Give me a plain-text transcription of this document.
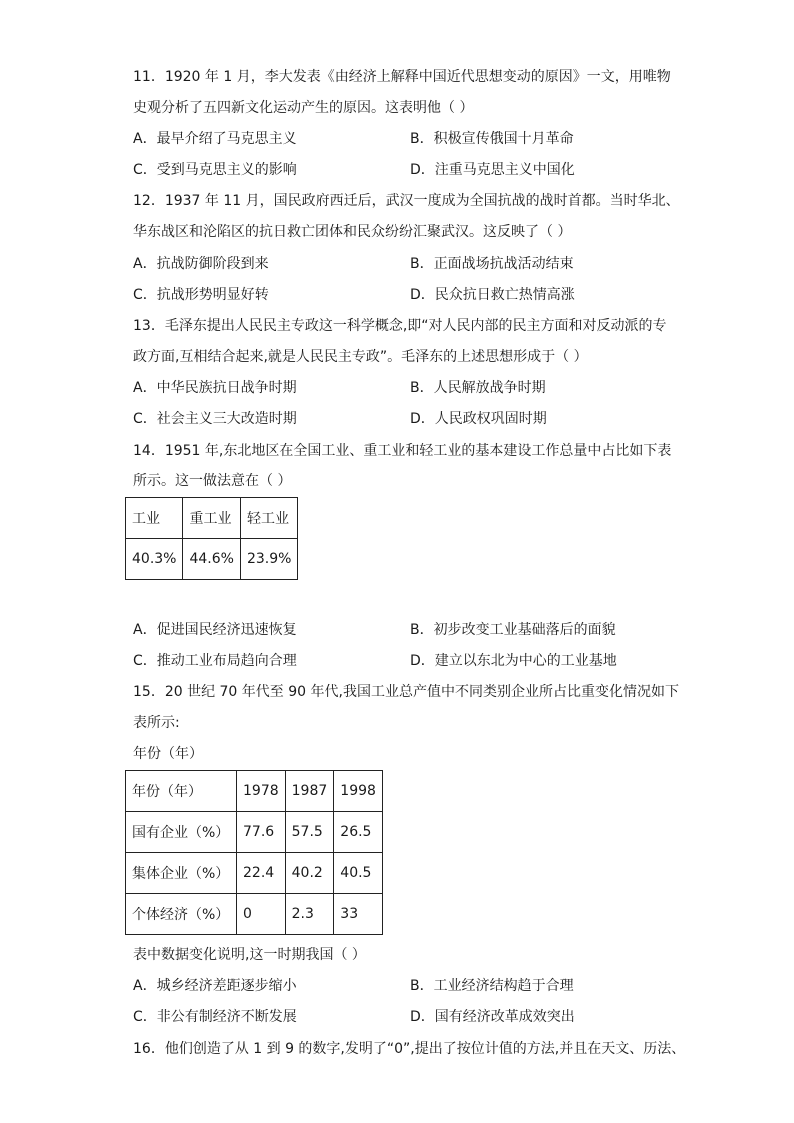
11．1920 年 1 月，李大发表《由经济上解释中国近代思想变动的原因》一文，用唯物
史观分析了五四新文化运动产生的原因。这表明他（ ）
A．最早介绍了马克思主义	B．积极宣传俄国十月革命
C．受到马克思主义的影响	D．注重马克思主义中国化
12．1937 年 11 月，国民政府西迁后，武汉一度成为全国抗战的战时首都。当时华北、
华东战区和沦陷区的抗日救亡团体和民众纷纷汇聚武汉。这反映了（ ）
A．抗战防御阶段到来	B．正面战场抗战活动结束
C．抗战形势明显好转	D．民众抗日救亡热情高涨
13．毛泽东提出人民民主专政这一科学概念,即“对人民内部的民主方面和对反动派的专
政方面,互相结合起来,就是人民民主专政”。毛泽东的上述思想形成于（ ）
A．中华民族抗日战争时期	B．人民解放战争时期
C．社会主义三大改造时期	D．人民政权巩固时期
14．1951 年,东北地区在全国工业、重工业和轻工业的基本建设工作总量中占比如下表
所示。这一做法意在（ ）
工业	重工业	轻工业
40.3%	44.6%	23.9%
A．促进国民经济迅速恢复	B．初步改变工业基础落后的面貌
C．推动工业布局趋向合理	D．建立以东北为中心的工业基地
15．20 世纪 70 年代至 90 年代,我国工业总产值中不同类别企业所占比重变化情况如下
表所示:
年份（年）
年份（年）	1978	1987	1998
国有企业（%）	77.6	57.5	26.5
集体企业（%）	22.4	40.2	40.5
个体经济（%）	0	2.3	33
表中数据变化说明,这一时期我国（ ）
A．城乡经济差距逐步缩小	B．工业经济结构趋于合理
C．非公有制经济不断发展	D．国有经济改革成效突出
16．他们创造了从 1 到 9 的数字,发明了“0”,提出了按位计值的方法,并且在天文、历法、
